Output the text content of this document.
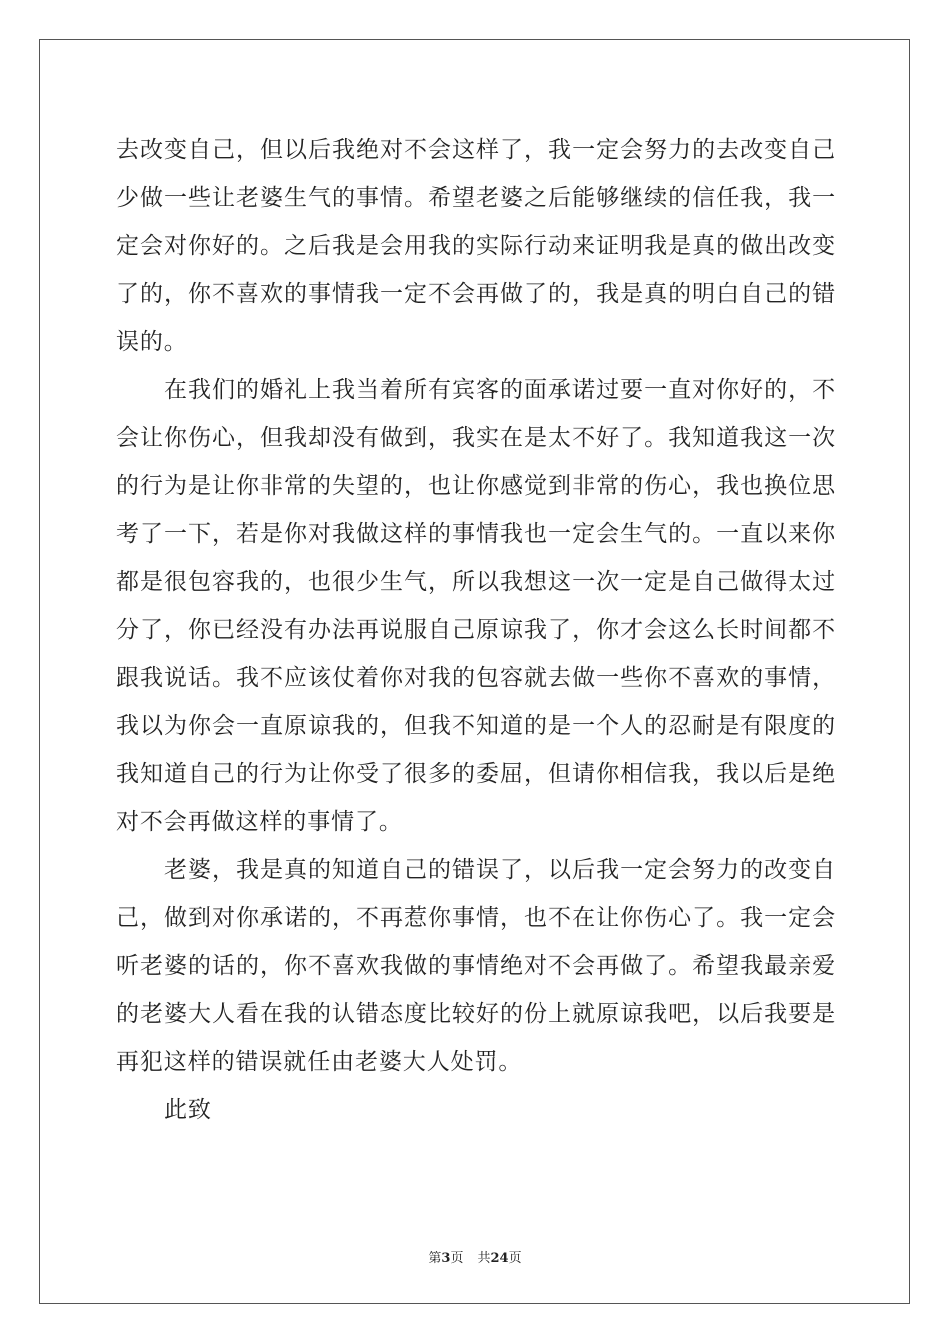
去改变自己，但以后我绝对不会这样了，我一定会努力的去改变自己
少做一些让老婆生气的事情。希望老婆之后能够继续的信任我，我一
定会对你好的。之后我是会用我的实际行动来证明我是真的做出改变
了的，你不喜欢的事情我一定不会再做了的，我是真的明白自己的错
误的。
在我们的婚礼上我当着所有宾客的面承诺过要一直对你好的，不
会让你伤心，但我却没有做到，我实在是太不好了。我知道我这一次
的行为是让你非常的失望的，也让你感觉到非常的伤心，我也换位思
考了一下，若是你对我做这样的事情我也一定会生气的。一直以来你
都是很包容我的，也很少生气，所以我想这一次一定是自己做得太过
分了，你已经没有办法再说服自己原谅我了，你才会这么长时间都不
跟我说话。我不应该仗着你对我的包容就去做一些你不喜欢的事情，
我以为你会一直原谅我的，但我不知道的是一个人的忍耐是有限度的
我知道自己的行为让你受了很多的委屈，但请你相信我，我以后是绝
对不会再做这样的事情了。
老婆，我是真的知道自己的错误了，以后我一定会努力的改变自
己，做到对你承诺的，不再惹你事情，也不在让你伤心了。我一定会
听老婆的话的，你不喜欢我做的事情绝对不会再做了。希望我最亲爱
的老婆大人看在我的认错态度比较好的份上就原谅我吧，以后我要是
再犯这样的错误就任由老婆大人处罚。
此致
第3页 共24页
